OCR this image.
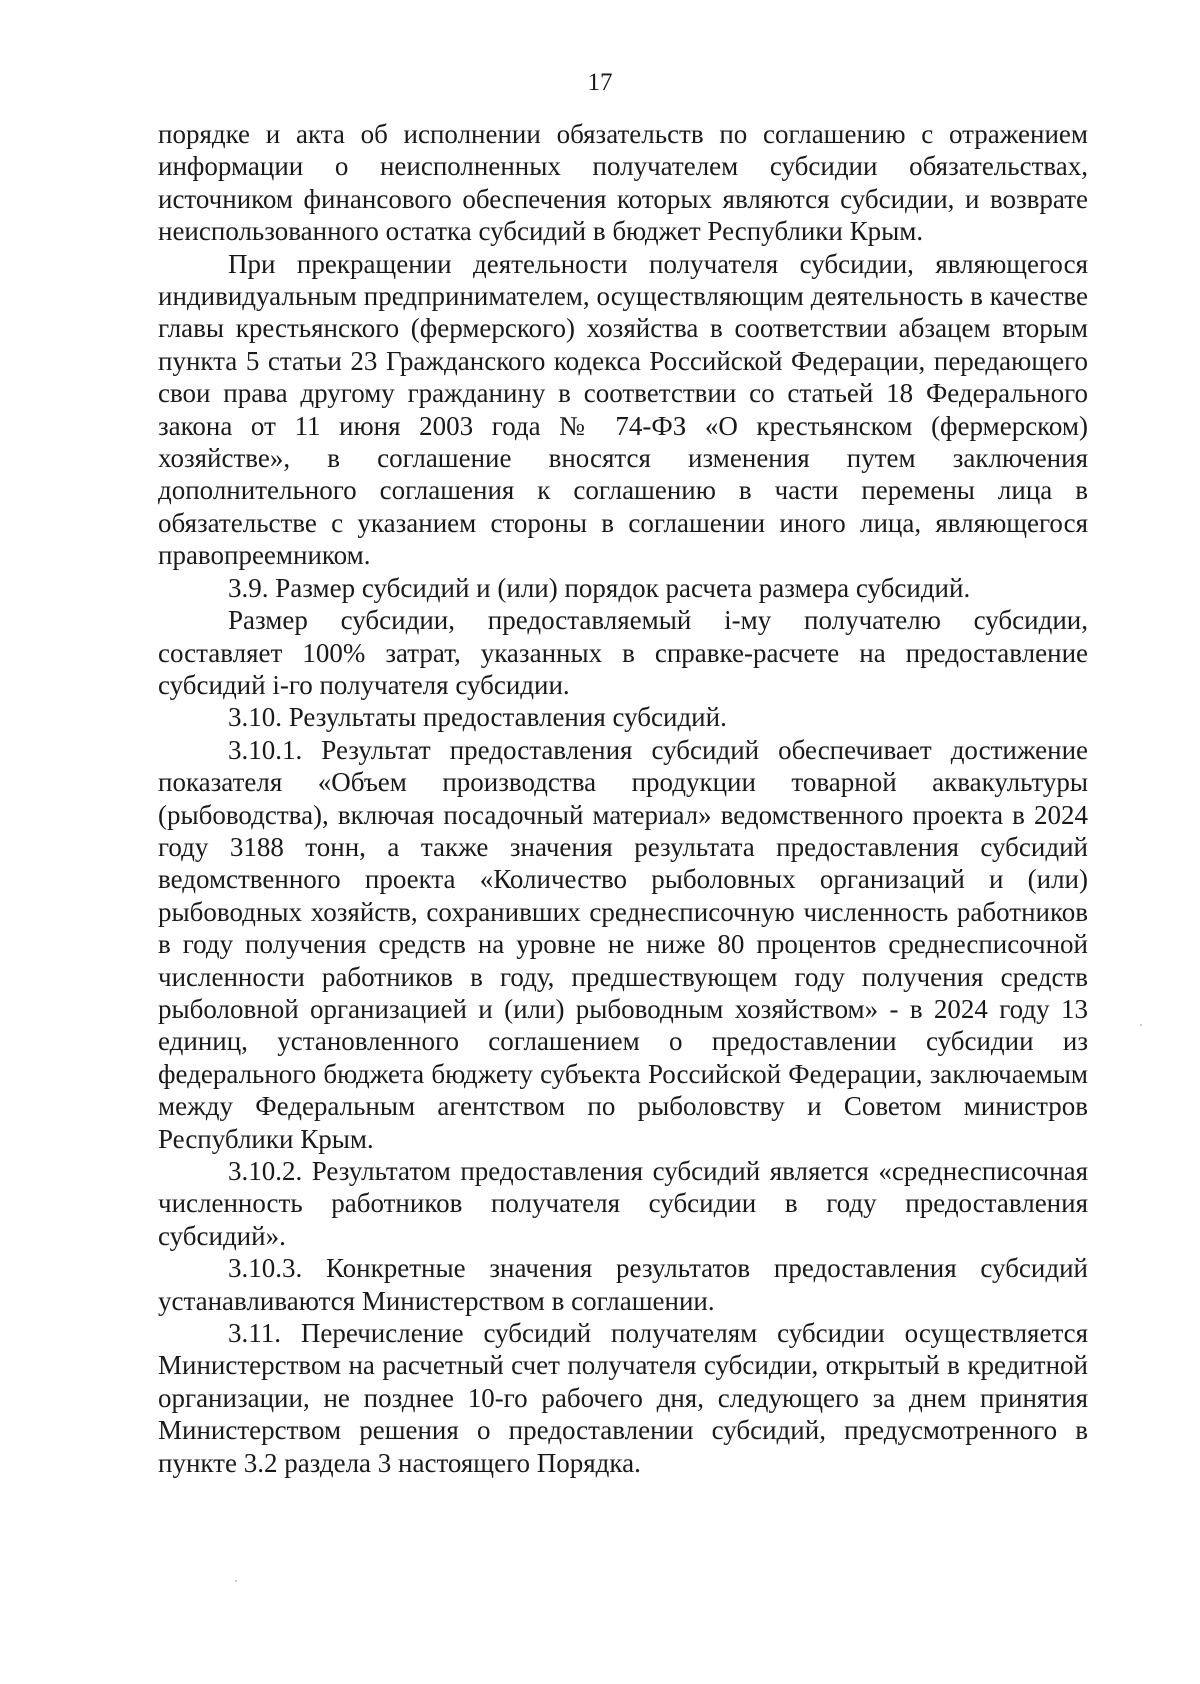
17

порядке и акта об исполнении обязательств по соглашению с отражением информации о неисполненных получателем субсидии обязательствах, источником финансового обеспечения которых являются субсидии, и возврате неиспользованного остатка субсидий в бюджет Республики Крым.

При прекращении деятельности получателя субсидии, являющегося индивидуальным предпринимателем, осуществляющим деятельность в качестве главы крестьянского (фермерского) хозяйства в соответствии абзацем вторым пункта 5 статьи 23 Гражданского кодекса Российской Федерации, передающего свои права другому гражданину в соответствии со статьей 18 Федерального закона от 11 июня 2003 года № 74-ФЗ «О крестьянском (фермерском) хозяйстве», в соглашение вносятся изменения путем заключения дополнительного соглашения к соглашению в части перемены лица в обязательстве с указанием стороны в соглашении иного лица, являющегося правопреемником.

3.9. Размер субсидий и (или) порядок расчета размера субсидий.

Размер субсидии, предоставляемый i-му получателю субсидии, составляет 100% затрат, указанных в справке-расчете на предоставление субсидий i-го получателя субсидии.

3.10. Результаты предоставления субсидий.

3.10.1. Результат предоставления субсидий обеспечивает достижение показателя «Объем производства продукции товарной аквакультуры (рыбоводства), включая посадочный материал» ведомственного проекта в 2024 году 3188 тонн, а также значения результата предоставления субсидий ведомственного проекта «Количество рыболовных организаций и (или) рыбоводных хозяйств, сохранивших среднесписочную численность работников в году получения средств на уровне не ниже 80 процентов среднесписочной численности работников в году, предшествующем году получения средств рыболовной организацией и (или) рыбоводным хозяйством» - в 2024 году 13 единиц, установленного соглашением о предоставлении субсидии из федерального бюджета бюджету субъекта Российской Федерации, заключаемым между Федеральным агентством по рыболовству и Советом министров Республики Крым.

3.10.2. Результатом предоставления субсидий является «среднесписочная численность работников получателя субсидии в году предоставления субсидий».

3.10.3. Конкретные значения результатов предоставления субсидий устанавливаются Министерством в соглашении.

3.11. Перечисление субсидий получателям субсидии осуществляется Министерством на расчетный счет получателя субсидии, открытый в кредитной организации, не позднее 10-го рабочего дня, следующего за днем принятия Министерством решения о предоставлении субсидий, предусмотренного в пункте 3.2 раздела 3 настоящего Порядка.
